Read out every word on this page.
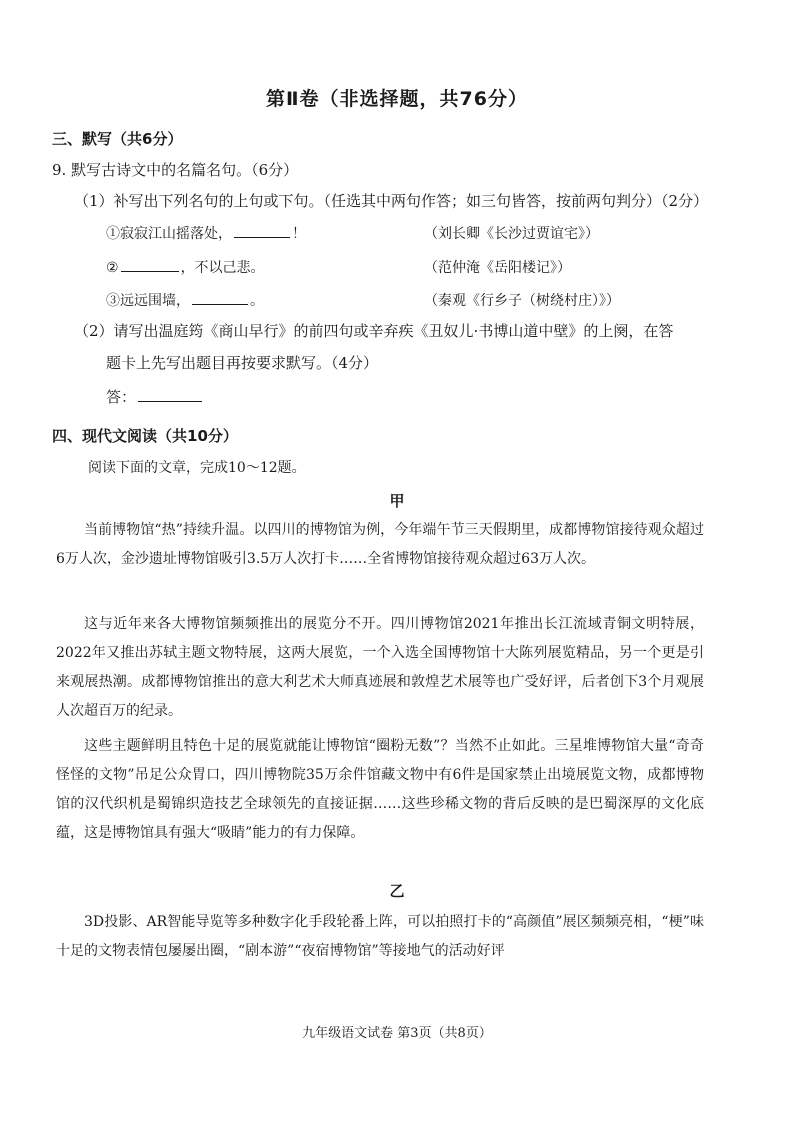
第Ⅱ卷（非选择题，共76分）
三、默写（共6分）
9. 默写古诗文中的名篇名句。（6分）
（1）补写出下列名句的上句或下句。（任选其中两句作答；如三句皆答，按前两句判分）（2分）
①寂寂江山摇落处，	！	（刘长卿《长沙过贾谊宅》）
②	，不以己悲。	（范仲淹《岳阳楼记》）
③远远围墙，	。	（秦观《行乡子（树绕村庄）》）
（2）请写出温庭筠《商山早行》的前四句或辛弃疾《丑奴儿·书博山道中壁》的上阕，在答
题卡上先写出题目再按要求默写。（4分）
答：
四、现代文阅读（共10分）
阅读下面的文章，完成10～12题。
甲
当前博物馆“热”持续升温。以四川的博物馆为例，今年端午节三天假期里，成都博物馆接待观众超过6万人次，金沙遗址博物馆吸引3.5万人次打卡……全省博物馆接待观众超过63万人次。
这与近年来各大博物馆频频推出的展览分不开。四川博物馆2021年推出长江流域青铜文明特展，2022年又推出苏轼主题文物特展，这两大展览，一个入选全国博物馆十大陈列展览精品，另一个更是引来观展热潮。成都博物馆推出的意大利艺术大师真迹展和敦煌艺术展等也广受好评，后者创下3个月观展人次超百万的纪录。
这些主题鲜明且特色十足的展览就能让博物馆“圈粉无数”？当然不止如此。三星堆博物馆大量“奇奇怪怪的文物”吊足公众胃口，四川博物院35万余件馆藏文物中有6件是国家禁止出境展览文物，成都博物馆的汉代织机是蜀锦织造技艺全球领先的直接证据……这些珍稀文物的背后反映的是巴蜀深厚的文化底蕴，这是博物馆具有强大“吸睛”能力的有力保障。
乙
3D投影、AR智能导览等多种数字化手段轮番上阵，可以拍照打卡的“高颜值”展区频频亮相，“梗”味十足的文物表情包屡屡出圈，“剧本游”“夜宿博物馆”等接地气的活动好评
九年级语文试卷 第3页（共8页）
